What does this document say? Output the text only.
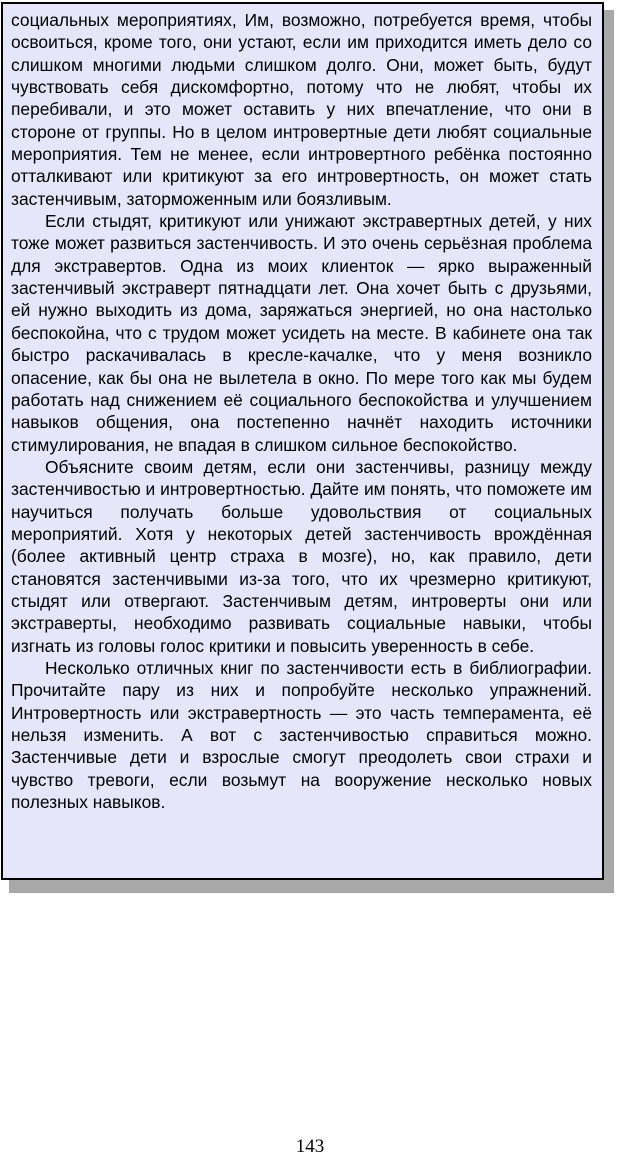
социальных мероприятиях, Им, возможно, потребуется время, чтобы освоиться, кроме того, они устают, если им приходится иметь дело со слишком многими людьми слишком долго. Они, может быть, будут чувствовать себя дискомфортно, потому что не любят, чтобы их перебивали, и это может оставить у них впечатление, что они в стороне от группы. Но в целом интровертные дети любят социальные мероприятия. Тем не менее, если интровертного ребёнка постоянно отталкивают или критикуют за его интровертность, он может стать застенчивым, заторможенным или боязливым.

Если стыдят, критикуют или унижают экстравертных детей, у них тоже может развиться застенчивость. И это очень серьёзная проблема для экстравертов. Одна из моих клиенток — ярко выраженный застенчивый экстраверт пятнадцати лет. Она хочет быть с друзьями, ей нужно выходить из дома, заряжаться энергией, но она настолько беспокойна, что с трудом может усидеть на месте. В кабинете она так быстро раскачивалась в кресле-качалке, что у меня возникло опасение, как бы она не вылетела в окно. По мере того как мы будем работать над снижением её социального беспокойства и улучшением навыков общения, она постепенно начнёт находить источники стимулирования, не впадая в слишком сильное беспокойство.

Объясните своим детям, если они застенчивы, разницу между застенчивостью и интровертностью. Дайте им понять, что поможете им научиться получать больше удовольствия от социальных мероприятий. Хотя у некоторых детей застенчивость врождённая (более активный центр страха в мозге), но, как правило, дети становятся застенчивыми из-за того, что их чрезмерно критикуют, стыдят или отвергают. Застенчивым детям, интроверты они или экстраверты, необходимо развивать социальные навыки, чтобы изгнать из головы голос критики и повысить уверенность в себе.

Несколько отличных книг по застенчивости есть в библиографии. Прочитайте пару из них и попробуйте несколько упражнений. Интровертность или экстравертность — это часть темперамента, её нельзя изменить. А вот с застенчивостью справиться можно. Застенчивые дети и взрослые смогут преодолеть свои страхи и чувство тревоги, если возьмут на вооружение несколько новых полезных навыков.

143
